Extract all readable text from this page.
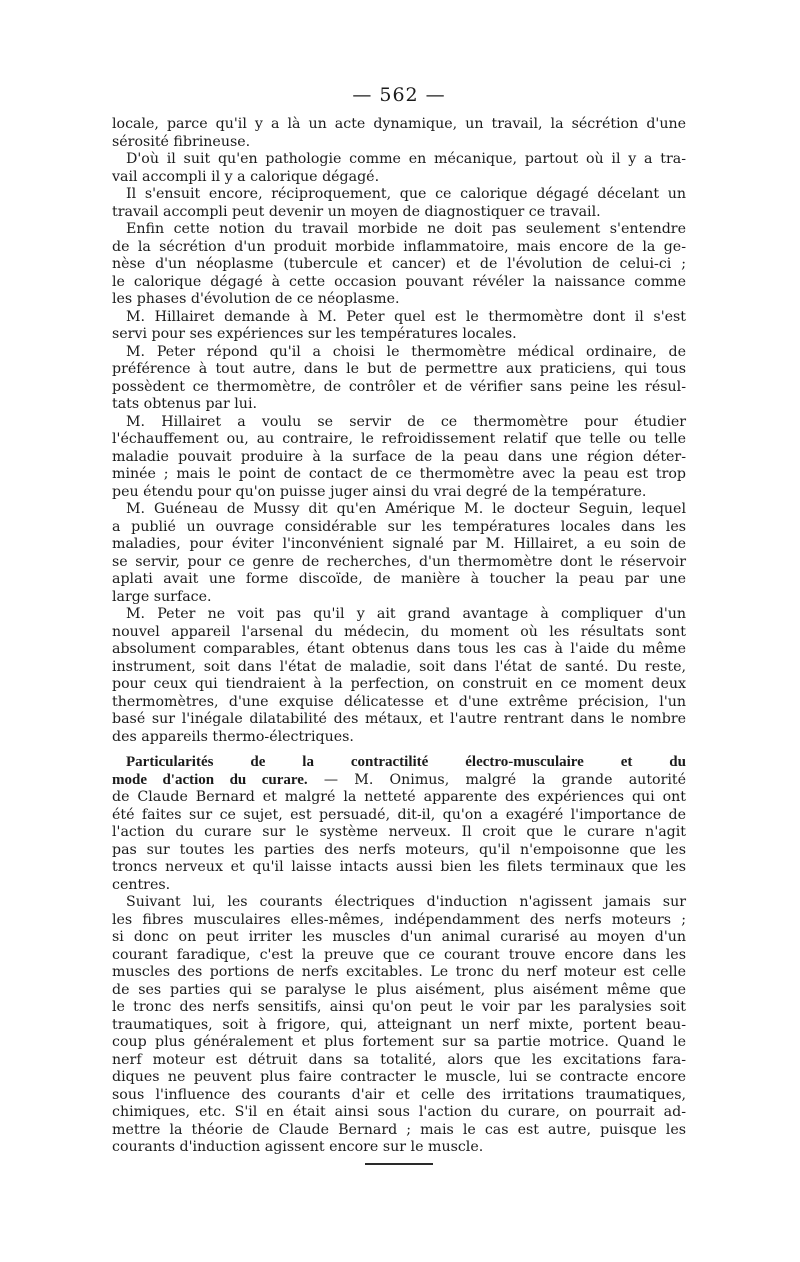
— 562 —
locale, parce qu'il y a là un acte dynamique, un travail, la sécrétion d'une
sérosité fibrineuse.
D'où il suit qu'en pathologie comme en mécanique, partout où il y a tra-
vail accompli il y a calorique dégagé.
Il s'ensuit encore, réciproquement, que ce calorique dégagé décelant un
travail accompli peut devenir un moyen de diagnostiquer ce travail.
Enfin cette notion du travail morbide ne doit pas seulement s'entendre
de la sécrétion d'un produit morbide inflammatoire, mais encore de la ge-
nèse d'un néoplasme (tubercule et cancer) et de l'évolution de celui-ci ;
le calorique dégagé à cette occasion pouvant révéler la naissance comme
les phases d'évolution de ce néoplasme.
M. Hillairet demande à M. Peter quel est le thermomètre dont il s'est
servi pour ses expériences sur les températures locales.
M. Peter répond qu'il a choisi le thermomètre médical ordinaire, de
préférence à tout autre, dans le but de permettre aux praticiens, qui tous
possèdent ce thermomètre, de contrôler et de vérifier sans peine les résul-
tats obtenus par lui.
M. Hillairet a voulu se servir de ce thermomètre pour étudier
l'échauffement ou, au contraire, le refroidissement relatif que telle ou telle
maladie pouvait produire à la surface de la peau dans une région déter-
minée ; mais le point de contact de ce thermomètre avec la peau est trop
peu étendu pour qu'on puisse juger ainsi du vrai degré de la température.
M. Guéneau de Mussy dit qu'en Amérique M. le docteur Seguin, lequel
a publié un ouvrage considérable sur les températures locales dans les
maladies, pour éviter l'inconvénient signalé par M. Hillairet, a eu soin de
se servir, pour ce genre de recherches, d'un thermomètre dont le réservoir
aplati avait une forme discoïde, de manière à toucher la peau par une
large surface.
M. Peter ne voit pas qu'il y ait grand avantage à compliquer d'un
nouvel appareil l'arsenal du médecin, du moment où les résultats sont
absolument comparables, étant obtenus dans tous les cas à l'aide du même
instrument, soit dans l'état de maladie, soit dans l'état de santé. Du reste,
pour ceux qui tiendraient à la perfection, on construit en ce moment deux
thermomètres, d'une exquise délicatesse et d'une extrême précision, l'un
basé sur l'inégale dilatabilité des métaux, et l'autre rentrant dans le nombre
des appareils thermo-électriques.
Particularités de la contractilité électro-musculaire et du
mode d'action du curare. — M. Onimus, malgré la grande autorité
de Claude Bernard et malgré la netteté apparente des expériences qui ont
été faites sur ce sujet, est persuadé, dit-il, qu'on a exagéré l'importance de
l'action du curare sur le système nerveux. Il croit que le curare n'agit
pas sur toutes les parties des nerfs moteurs, qu'il n'empoisonne que les
troncs nerveux et qu'il laisse intacts aussi bien les filets terminaux que les
centres.
Suivant lui, les courants électriques d'induction n'agissent jamais sur
les fibres musculaires elles-mêmes, indépendamment des nerfs moteurs ;
si donc on peut irriter les muscles d'un animal curarisé au moyen d'un
courant faradique, c'est la preuve que ce courant trouve encore dans les
muscles des portions de nerfs excitables. Le tronc du nerf moteur est celle
de ses parties qui se paralyse le plus aisément, plus aisément même que
le tronc des nerfs sensitifs, ainsi qu'on peut le voir par les paralysies soit
traumatiques, soit à frigore, qui, atteignant un nerf mixte, portent beau-
coup plus généralement et plus fortement sur sa partie motrice. Quand le
nerf moteur est détruit dans sa totalité, alors que les excitations fara-
diques ne peuvent plus faire contracter le muscle, lui se contracte encore
sous l'influence des courants d'air et celle des irritations traumatiques,
chimiques, etc. S'il en était ainsi sous l'action du curare, on pourrait ad-
mettre la théorie de Claude Bernard ; mais le cas est autre, puisque les
courants d'induction agissent encore sur le muscle.
